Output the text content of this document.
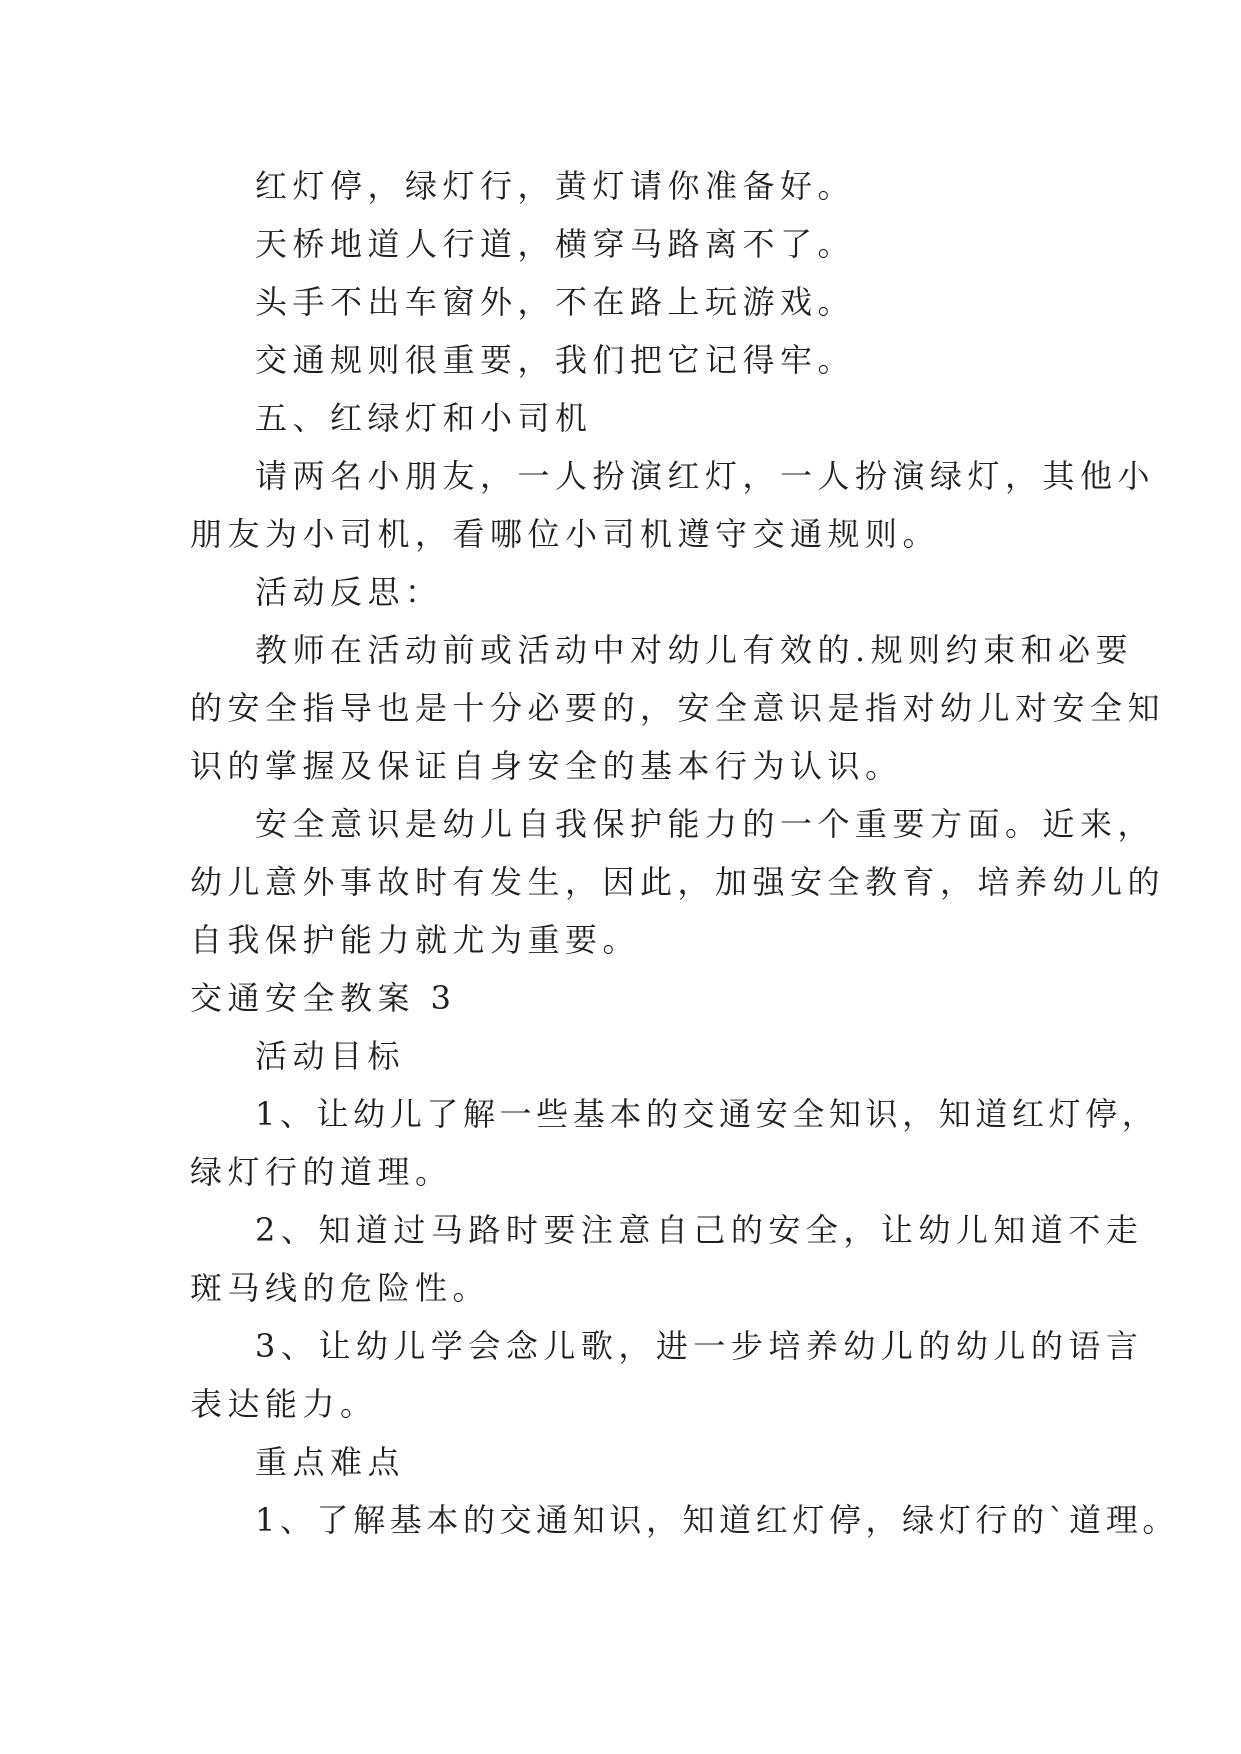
红灯停，绿灯行，黄灯请你准备好。

天桥地道人行道，横穿马路离不了。

头手不出车窗外，不在路上玩游戏。

交通规则很重要，我们把它记得牢。

五、红绿灯和小司机

请两名小朋友，一人扮演红灯，一人扮演绿灯，其他小

朋友为小司机，看哪位小司机遵守交通规则。

活动反思：

教师在活动前或活动中对幼儿有效的.规则约束和必要

的安全指导也是十分必要的，安全意识是指对幼儿对安全知

识的掌握及保证自身安全的基本行为认识。

安全意识是幼儿自我保护能力的一个重要方面。近来，

幼儿意外事故时有发生，因此，加强安全教育，培养幼儿的

自我保护能力就尤为重要。

交通安全教案 3

活动目标

1、让幼儿了解一些基本的交通安全知识，知道红灯停，

绿灯行的道理。

2、知道过马路时要注意自己的安全，让幼儿知道不走

斑马线的危险性。

3、让幼儿学会念儿歌，进一步培养幼儿的幼儿的语言

表达能力。

重点难点

1、了解基本的交通知识，知道红灯停，绿灯行的`道理。
